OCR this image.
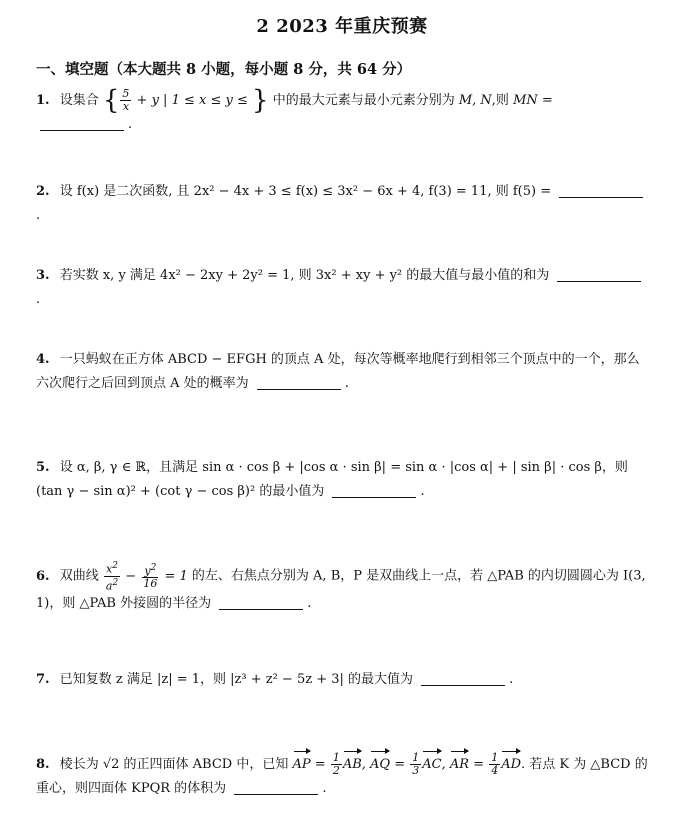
2 2023 年重庆预赛
一、填空题（本大题共 8 小题，每小题 8 分，共 64 分）
1. 设集合 { $\frac{5}{x} + y$ | 1 ≤ x ≤ y ≤ } 中的最大元素与最小元素分别为 M, N,则 MN = .
2. 设 f(x) 是二次函数, 且 2x² − 4x + 3 ≤ f(x) ≤ 3x² − 6x + 4, f(3) = 11, 则 f(5) = .
3. 若实数 x, y 满足 4x² − 2xy + 2y² = 1, 则 3x² + xy + y² 的最大值与最小值的和为 .
4. 一只蚂蚁在正方体 ABCD − EFGH 的顶点 A 处，每次等概率地爬行到相邻三个顶点中的一个，那么六次爬行之后回到顶点 A 处的概率为	.
5. 设 α, β, γ ∈ ℝ，且满足 sin α · cos β + |cos α · sin β| = sin α · |cos α| + | sin β| · cos β，则 (tan γ − sin α)² + (cot γ − cos β)² 的最小值为	.
6. 双曲线 $\frac{x^2}{a^2} - \frac{y^2}{16} = 1$ 的左、右焦点分别为 A, B，P 是双曲线上一点，若 △PAB 的内切圆圆心为 I(3, 1)，则 △PAB 外接圆的半径为	.
7. 已知复数 z 满足 |z| = 1，则 |z³ + z² − 5z + 3| 的最大值为	.
8. 棱长为 √2 的正四面体 ABCD 中，已知 AP = $\frac{1}{2}$ AB, AQ = $\frac{1}{3}$ AC, AR = $\frac{1}{4}$ AD. 若点 K 为 △BCD 的重心，则四面体 KPQR 的体积为	.
